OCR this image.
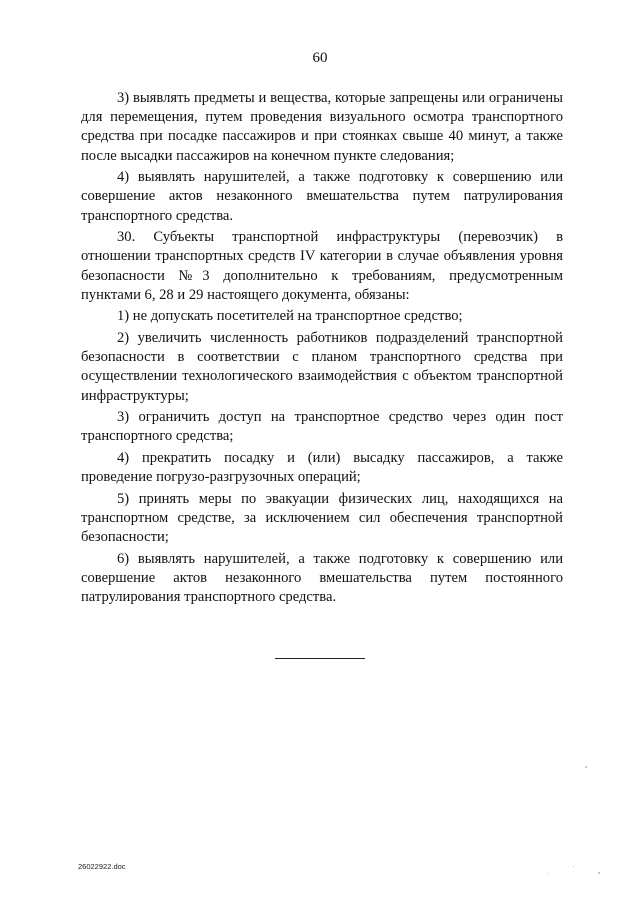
60

3) выявлять предметы и вещества, которые запрещены или ограничены для перемещения, путем проведения визуального осмотра транспортного средства при посадке пассажиров и при стоянках свыше 40 минут, а также после высадки пассажиров на конечном пункте следования;

4) выявлять нарушителей, а также подготовку к совершению или совершение актов незаконного вмешательства путем патрулирования транспортного средства.

30. Субъекты транспортной инфраструктуры (перевозчик) в отношении транспортных средств IV категории в случае объявления уровня безопасности №3 дополнительно к требованиям, предусмотренным пунктами 6, 28 и 29 настоящего документа, обязаны:

1) не допускать посетителей на транспортное средство;

2) увеличить численность работников подразделений транспортной безопасности в соответствии с планом транспортного средства при осуществлении технологического взаимодействия с объектом транспортной инфраструктуры;

3) ограничить доступ на транспортное средство через один пост транспортного средства;

4) прекратить посадку и (или) высадку пассажиров, а также проведение погрузо-разгрузочных операций;

5) принять меры по эвакуации физических лиц, находящихся на транспортном средстве, за исключением сил обеспечения транспортной безопасности;

6) выявлять нарушителей, а также подготовку к совершению или совершение актов незаконного вмешательства путем постоянного патрулирования транспортного средства.

26022922.doc
